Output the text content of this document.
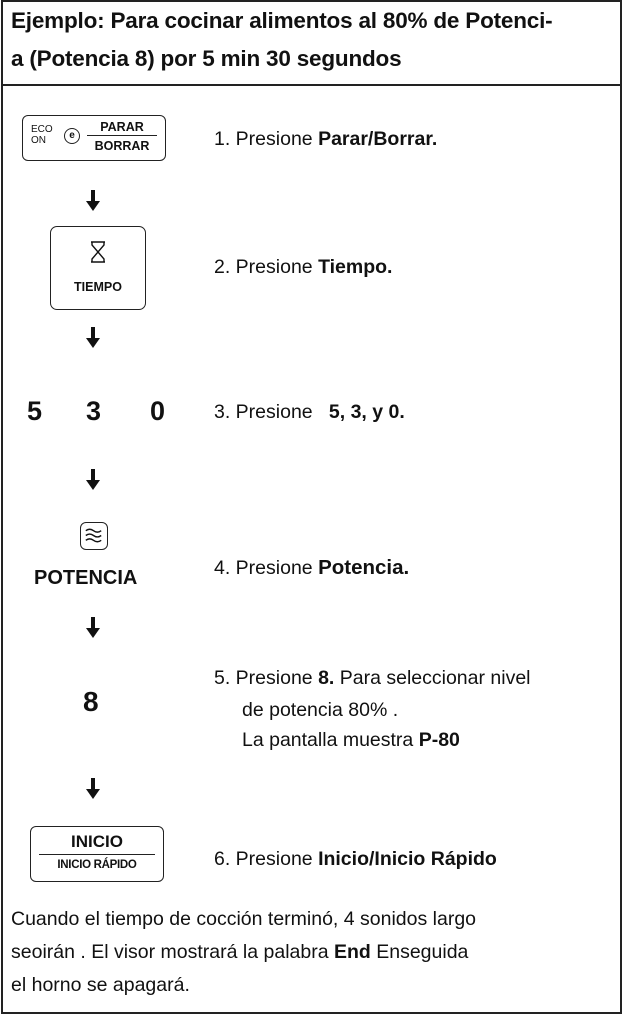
Ejemplo: Para cocinar alimentos al 80% de Potenci-
a (Potencia 8) por 5 min 30 segundos
ECO
ON	e
PARAR
BORRAR	1. Presione Parar/Borrar.
TIEMPO
2. Presione Tiempo.
5 3 0	3. Presione   5, 3, y 0.
POTENCIA	4. Presione Potencia.
8
5. Presione 8. Para seleccionar nivel
de potencia 80% .
La pantalla muestra P-80
INICIO
INICIO RÁPIDO	6. Presione Inicio/Inicio Rápido
Cuando el tiempo de cocción terminó, 4 sonidos largo
seoirán . El visor mostrará la palabra End Enseguida
el horno se apagará.
